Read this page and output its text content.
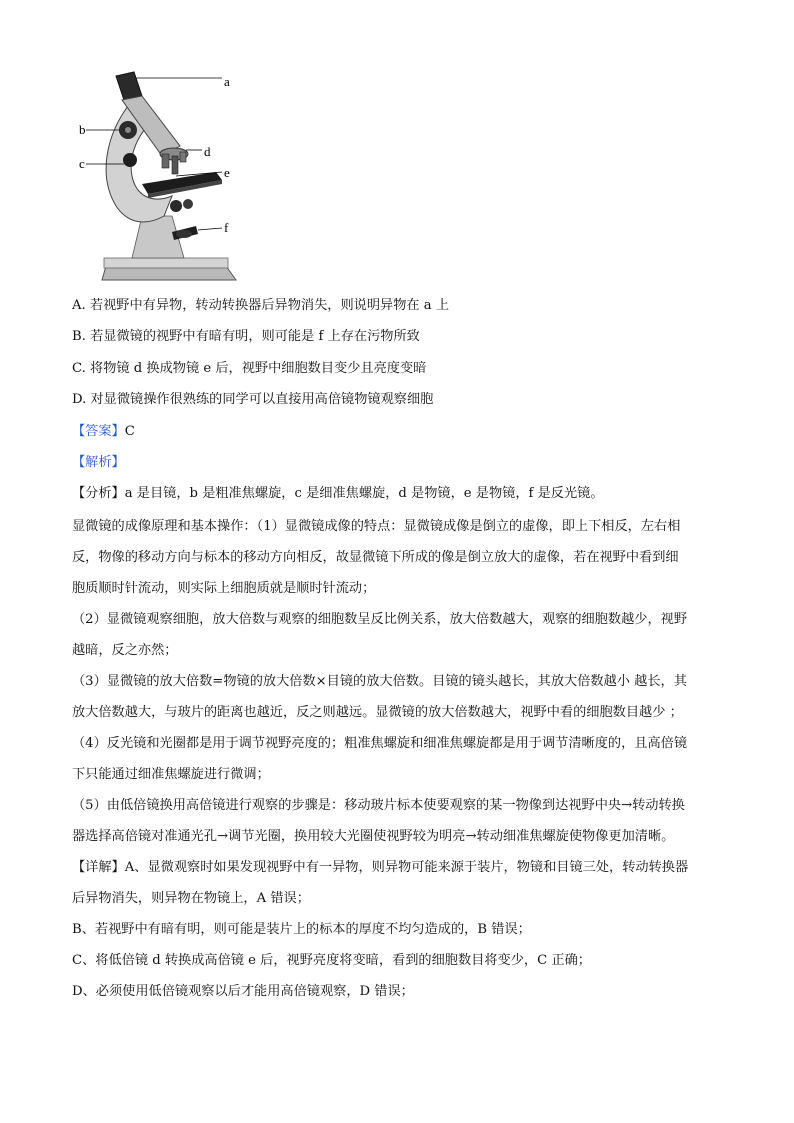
a
b
c
d
e
f
A. 若视野中有异物，转动转换器后异物消失，则说明异物在 a 上
B. 若显微镜的视野中有暗有明，则可能是 f 上存在污物所致
C. 将物镜 d 换成物镜 e 后，视野中细胞数目变少且亮度变暗
D. 对显微镜操作很熟练的同学可以直接用高倍镜物镜观察细胞
【答案】C
【解析】
【分析】a 是目镜，b 是粗准焦螺旋，c 是细准焦螺旋，d 是物镜，e 是物镜，f 是反光镜。
显微镜的成像原理和基本操作：（1）显微镜成像的特点：显微镜成像是倒立的虚像，即上下相反，左右相
反，物像的移动方向与标本的移动方向相反，故显微镜下所成的像是倒立放大的虚像，若在视野中看到细
胞质顺时针流动，则实际上细胞质就是顺时针流动；
（2）显微镜观察细胞，放大倍数与观察的细胞数呈反比例关系，放大倍数越大，观察的细胞数越少，视野
越暗，反之亦然；
（3）显微镜的放大倍数=物镜的放大倍数×目镜的放大倍数。目镜的镜头越长，其放大倍数越小 越长，其
放大倍数越大，与玻片的距离也越近，反之则越远。显微镜的放大倍数越大，视野中看的细胞数目越少 ；
（4）反光镜和光圈都是用于调节视野亮度的；粗准焦螺旋和细准焦螺旋都是用于调节清晰度的，且高倍镜
下只能通过细准焦螺旋进行微调；
（5）由低倍镜换用高倍镜进行观察的步骤是：移动玻片标本使要观察的某一物像到达视野中央→转动转换
器选择高倍镜对准通光孔→调节光圈，换用较大光圈使视野较为明亮→转动细准焦螺旋使物像更加清晰。
【详解】A、显微观察时如果发现视野中有一异物，则异物可能来源于装片，物镜和目镜三处，转动转换器
后异物消失，则异物在物镜上，A 错误；
B、若视野中有暗有明，则可能是装片上的标本的厚度不均匀造成的，B 错误；
C、将低倍镜 d 转换成高倍镜 e 后，视野亮度将变暗，看到的细胞数目将变少，C 正确；
D、必须使用低倍镜观察以后才能用高倍镜观察，D 错误；
